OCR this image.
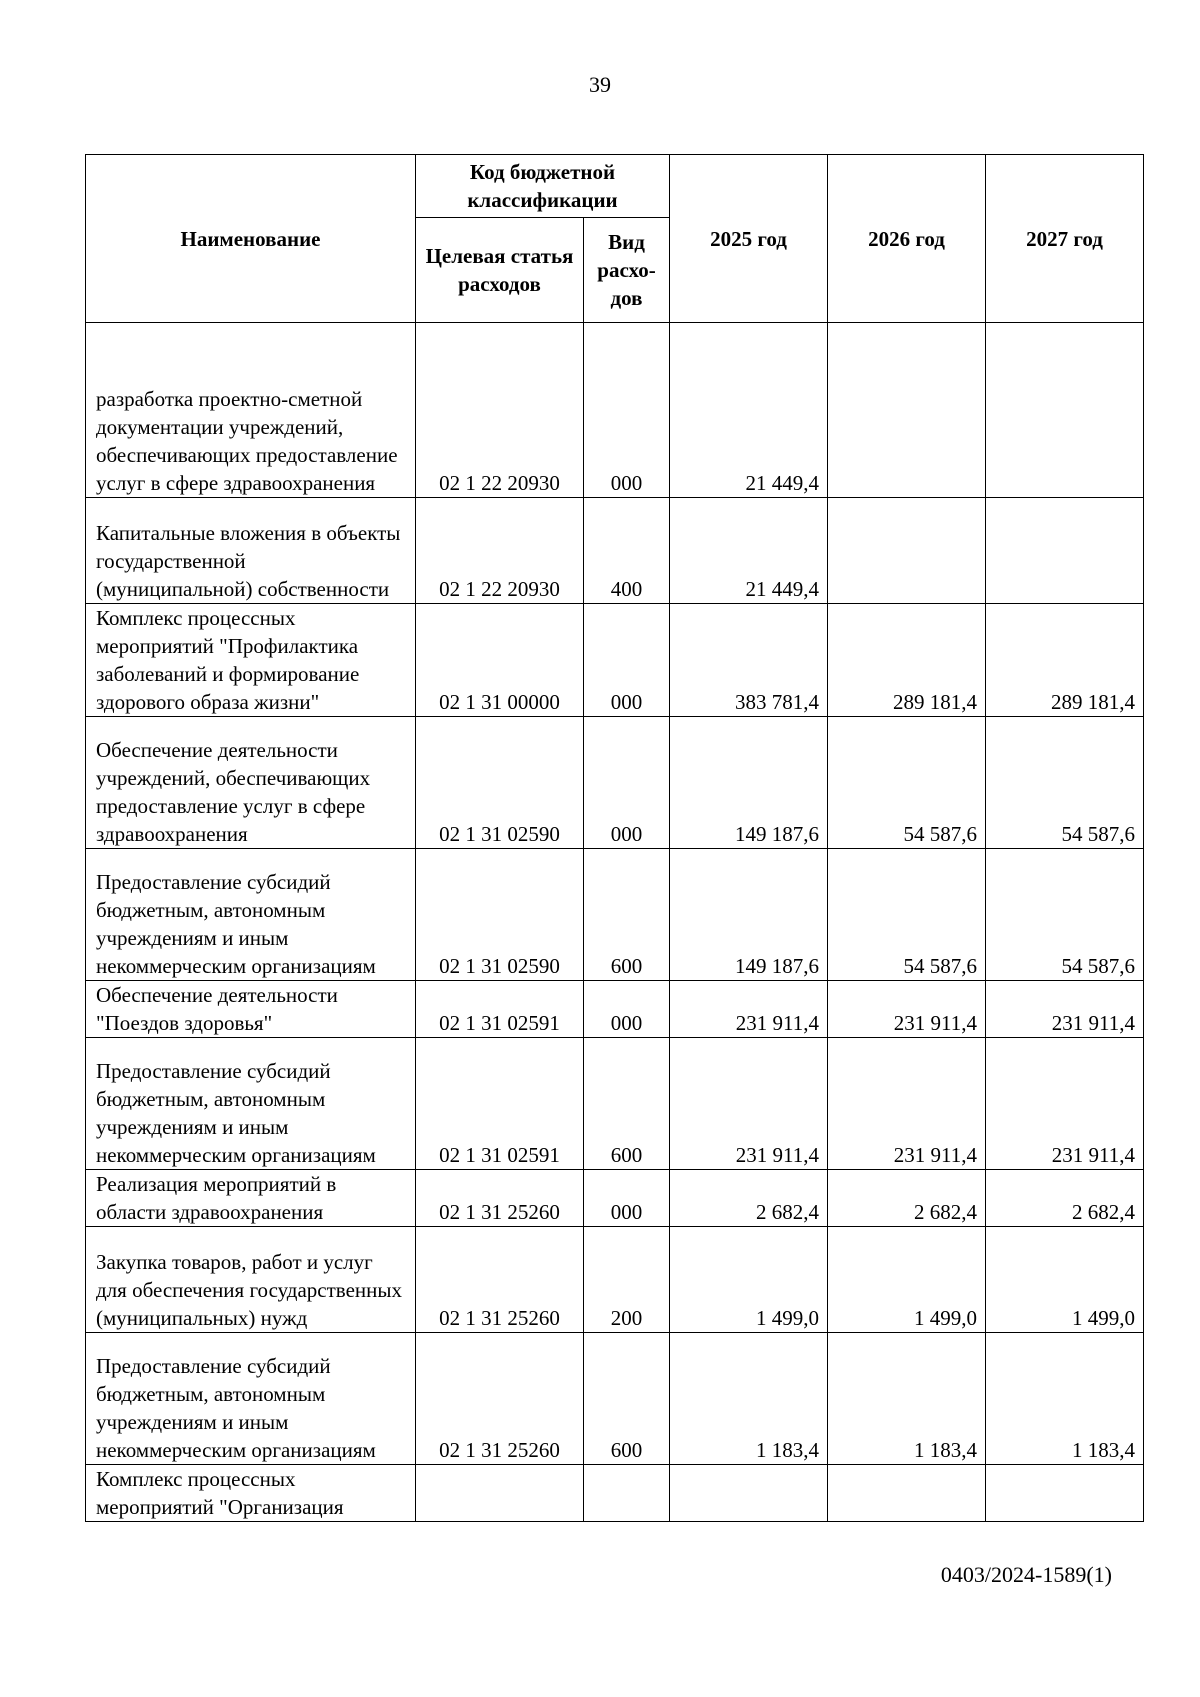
39
Наименование	Код бюджетной классификации		2025 год	2026 год	2027 год
	Целевая статья расходов	Вид расхо-дов			
разработка проектно-сметной документации учреждений, обеспечивающих предоставление услуг в сфере здравоохранения	02 1 22 20930	000	21 449,4		
Капитальные вложения в объекты государственной (муниципальной) собственности	02 1 22 20930	400	21 449,4		
Комплекс процессных мероприятий "Профилактика заболеваний и формирование здорового образа жизни"	02 1 31 00000	000	383 781,4	289 181,4	289 181,4
Обеспечение деятельности учреждений, обеспечивающих предоставление услуг в сфере здравоохранения	02 1 31 02590	000	149 187,6	54 587,6	54 587,6
Предоставление субсидий бюджетным, автономным учреждениям и иным некоммерческим организациям	02 1 31 02590	600	149 187,6	54 587,6	54 587,6
Обеспечение деятельности "Поездов здоровья"	02 1 31 02591	000	231 911,4	231 911,4	231 911,4
Предоставление субсидий бюджетным, автономным учреждениям и иным некоммерческим организациям	02 1 31 02591	600	231 911,4	231 911,4	231 911,4
Реализация мероприятий в области здравоохранения	02 1 31 25260	000	2 682,4	2 682,4	2 682,4
Закупка товаров, работ и услуг для обеспечения государственных (муниципальных) нужд	02 1 31 25260	200	1 499,0	1 499,0	1 499,0
Предоставление субсидий бюджетным, автономным учреждениям и иным некоммерческим организациям	02 1 31 25260	600	1 183,4	1 183,4	1 183,4
Комплекс процессных мероприятий "Организация					
0403/2024-1589(1)
